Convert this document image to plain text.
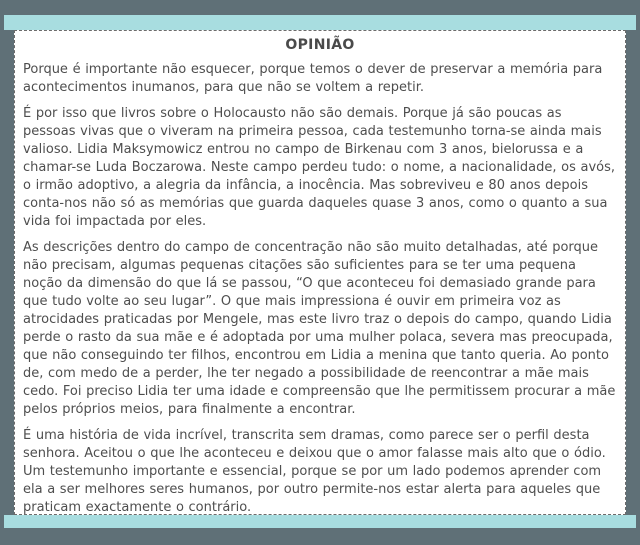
OPINIÃO

Porque é importante não esquecer, porque temos o dever de preservar a memória para acontecimentos inumanos, para que não se voltem a repetir.

É por isso que livros sobre o Holocausto não são demais. Porque já são poucas as pessoas vivas que o viveram na primeira pessoa, cada testemunho torna-se ainda mais valioso. Lidia Maksymowicz entrou no campo de Birkenau com 3 anos, bielorussa e a chamar-se Luda Boczarowa. Neste campo perdeu tudo: o nome, a nacionalidade, os avós, o irmão adoptivo, a alegria da infância, a inocência. Mas sobreviveu e 80 anos depois conta-nos não só as memórias que guarda daqueles quase 3 anos, como o quanto a sua vida foi impactada por eles.

As descrições dentro do campo de concentração não são muito detalhadas, até porque não precisam, algumas pequenas citações são suficientes para se ter uma pequena noção da dimensão do que lá se passou, “O que aconteceu foi demasiado grande para que tudo volte ao seu lugar”. O que mais impressiona é ouvir em primeira voz as atrocidades praticadas por Mengele, mas este livro traz o depois do campo, quando Lidia perde o rasto da sua mãe e é adoptada por uma mulher polaca, severa mas preocupada, que não conseguindo ter filhos, encontrou em Lidia a menina que tanto queria. Ao ponto de, com medo de a perder, lhe ter negado a possibilidade de reencontrar a mãe mais cedo. Foi preciso Lidia ter uma idade e compreensão que lhe permitissem procurar a mãe pelos próprios meios, para finalmente a encontrar.

É uma história de vida incrível, transcrita sem dramas, como parece ser o perfil desta senhora. Aceitou o que lhe aconteceu e deixou que o amor falasse mais alto que o ódio. Um testemunho importante e essencial, porque se por um lado podemos aprender com ela a ser melhores seres humanos, por outro permite-nos estar alerta para aqueles que praticam exactamente o contrário.
